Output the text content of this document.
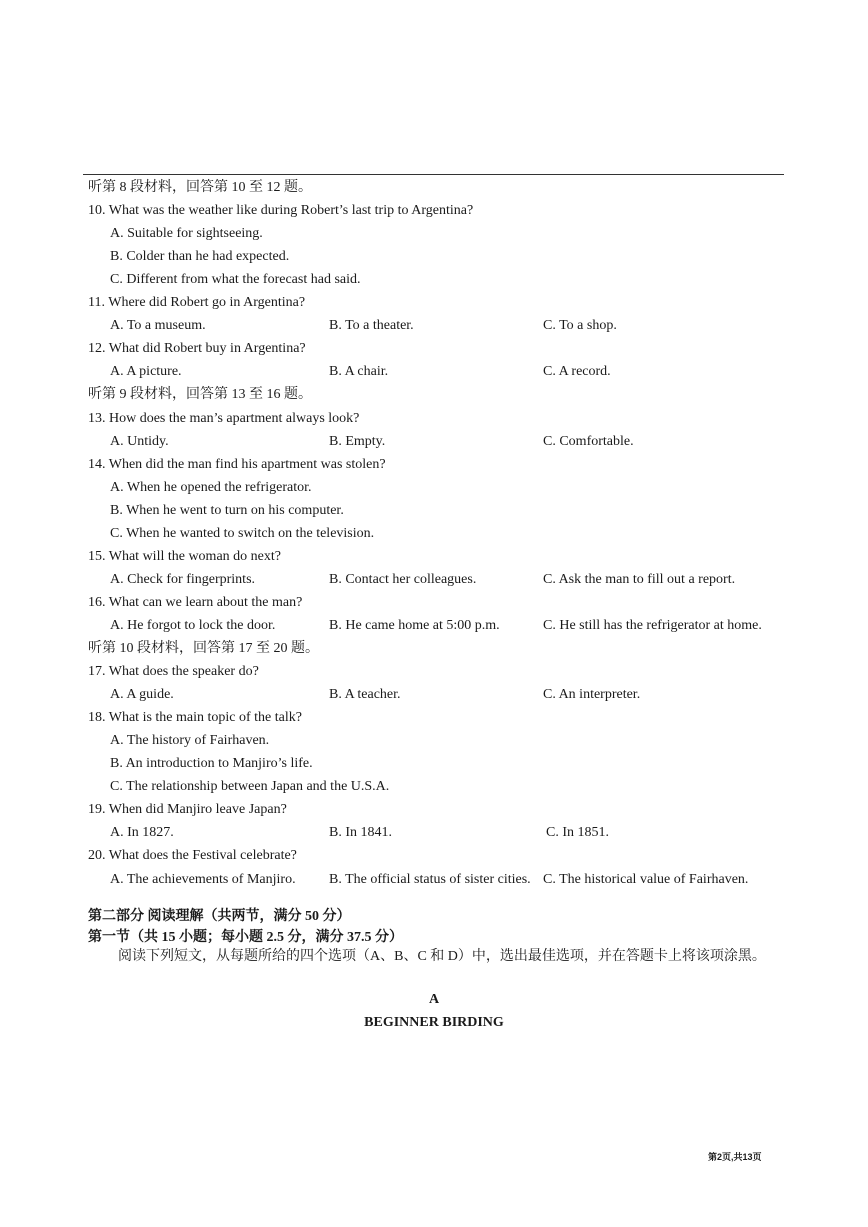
听第 8 段材料，回答第 10 至 12 题。
10. What was the weather like during Robert’s last trip to Argentina?
A. Suitable for sightseeing.
B. Colder than he had expected.
C. Different from what the forecast had said.
11. Where did Robert go in Argentina?
A. To a museum.	B. To a theater.	C. To a shop.
12. What did Robert buy in Argentina?
A. A picture.	B. A chair.	C. A record.
听第 9 段材料，回答第 13 至 16 题。
13. How does the man’s apartment always look?
A. Untidy.	B. Empty.	C. Comfortable.
14. When did the man find his apartment was stolen?
A. When he opened the refrigerator.
B. When he went to turn on his computer.
C. When he wanted to switch on the television.
15. What will the woman do next?
A. Check for fingerprints.	B. Contact her colleagues.	C. Ask the man to fill out a report.
16. What can we learn about the man?
A. He forgot to lock the door.	B. He came home at 5:00 p.m.	C. He still has the refrigerator at home.
听第 10 段材料，回答第 17 至 20 题。
17. What does the speaker do?
A. A guide.	B. A teacher.	C. An interpreter.
18. What is the main topic of the talk?
A. The history of Fairhaven.
B. An introduction to Manjiro’s life.
C. The relationship between Japan and the U.S.A.
19. When did Manjiro leave Japan?
A. In 1827.	B. In 1841.	C. In 1851.
20. What does the Festival celebrate?
A. The achievements of Manjiro. B. The official status of sister cities. C. The historical value of Fairhaven.
第二部分 阅读理解（共两节，满分 50 分）
第一节（共 15 小题；每小题 2.5 分，满分 37.5 分）
阅读下列短文，从每题所给的四个选项（A、B、C 和 D）中，选出最佳选项，并在答题卡上将该项涂黑。
A
BEGINNER BIRDING
第2页,共13页
